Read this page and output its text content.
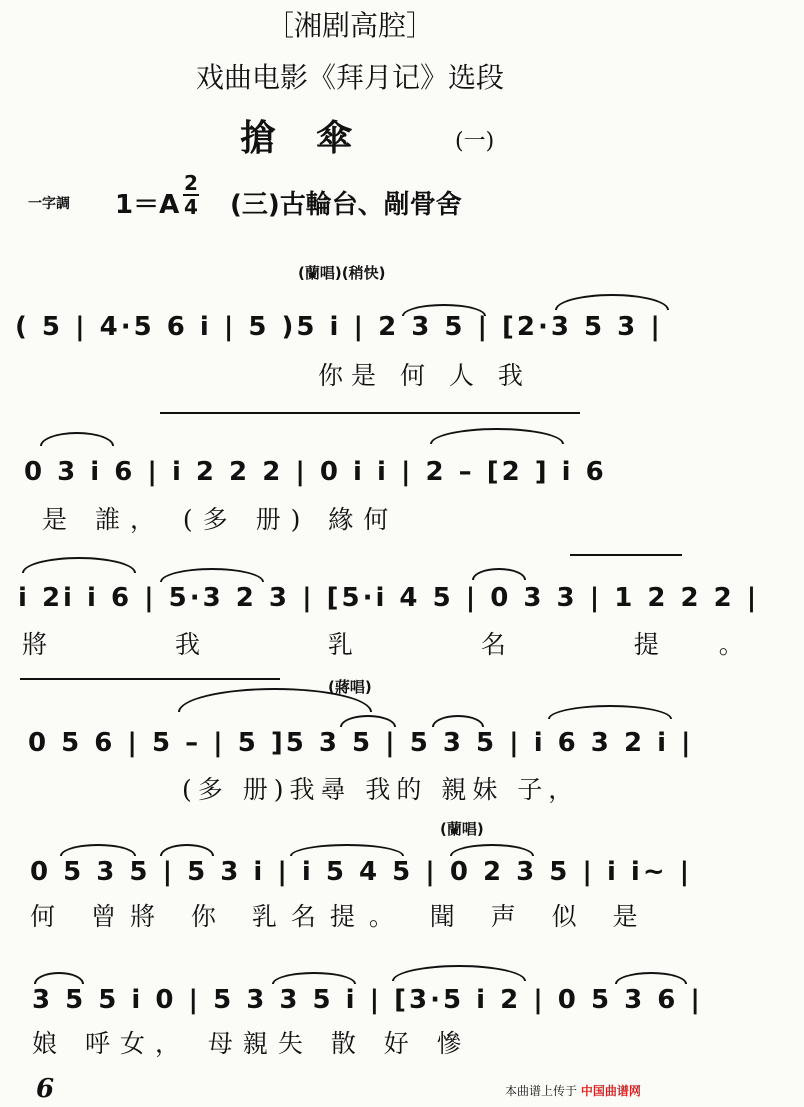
［湘剧高腔］
戏曲电影《拜月记》选段
搶傘	(一)
一字調 1＝A
2
4 (三)古輪台、剮骨舍
(蘭唱)(稍快)
( 5 | 4·5 6 i | 5 )5 i | 2 3 5 | [2·3 5 3 |
你是 何 人 我
0 3 i 6 | i 2 2 2 | 0 i i | 2 – [2 ] i 6
是 誰， (多 册) 緣何
i 2i i 6 | 5·3 2 3 | [5·i 4 5 | 0 3 3 | 1 2 2 2 |
將 我 乳 名 提。
(蔣唱)
0 5 6 | 5 – | 5 ]5 3 5 | 5 3 5 | i 6 3 2 i |
(多 册)我尋 我的 親妹 子，
(蘭唱)
0 5 3 5 | 5 3 i | i 5 4 5 | 0 2 3 5 | i i~ |
何 曾將 你 乳名提。 聞 声 似 是
3 5 5 i 0 | 5 3 3 5 i | [3·5 i 2 | 0 5 3 6 |
娘 呼女， 母親失 散 好 慘
6	本曲谱上传于 中国曲谱网
